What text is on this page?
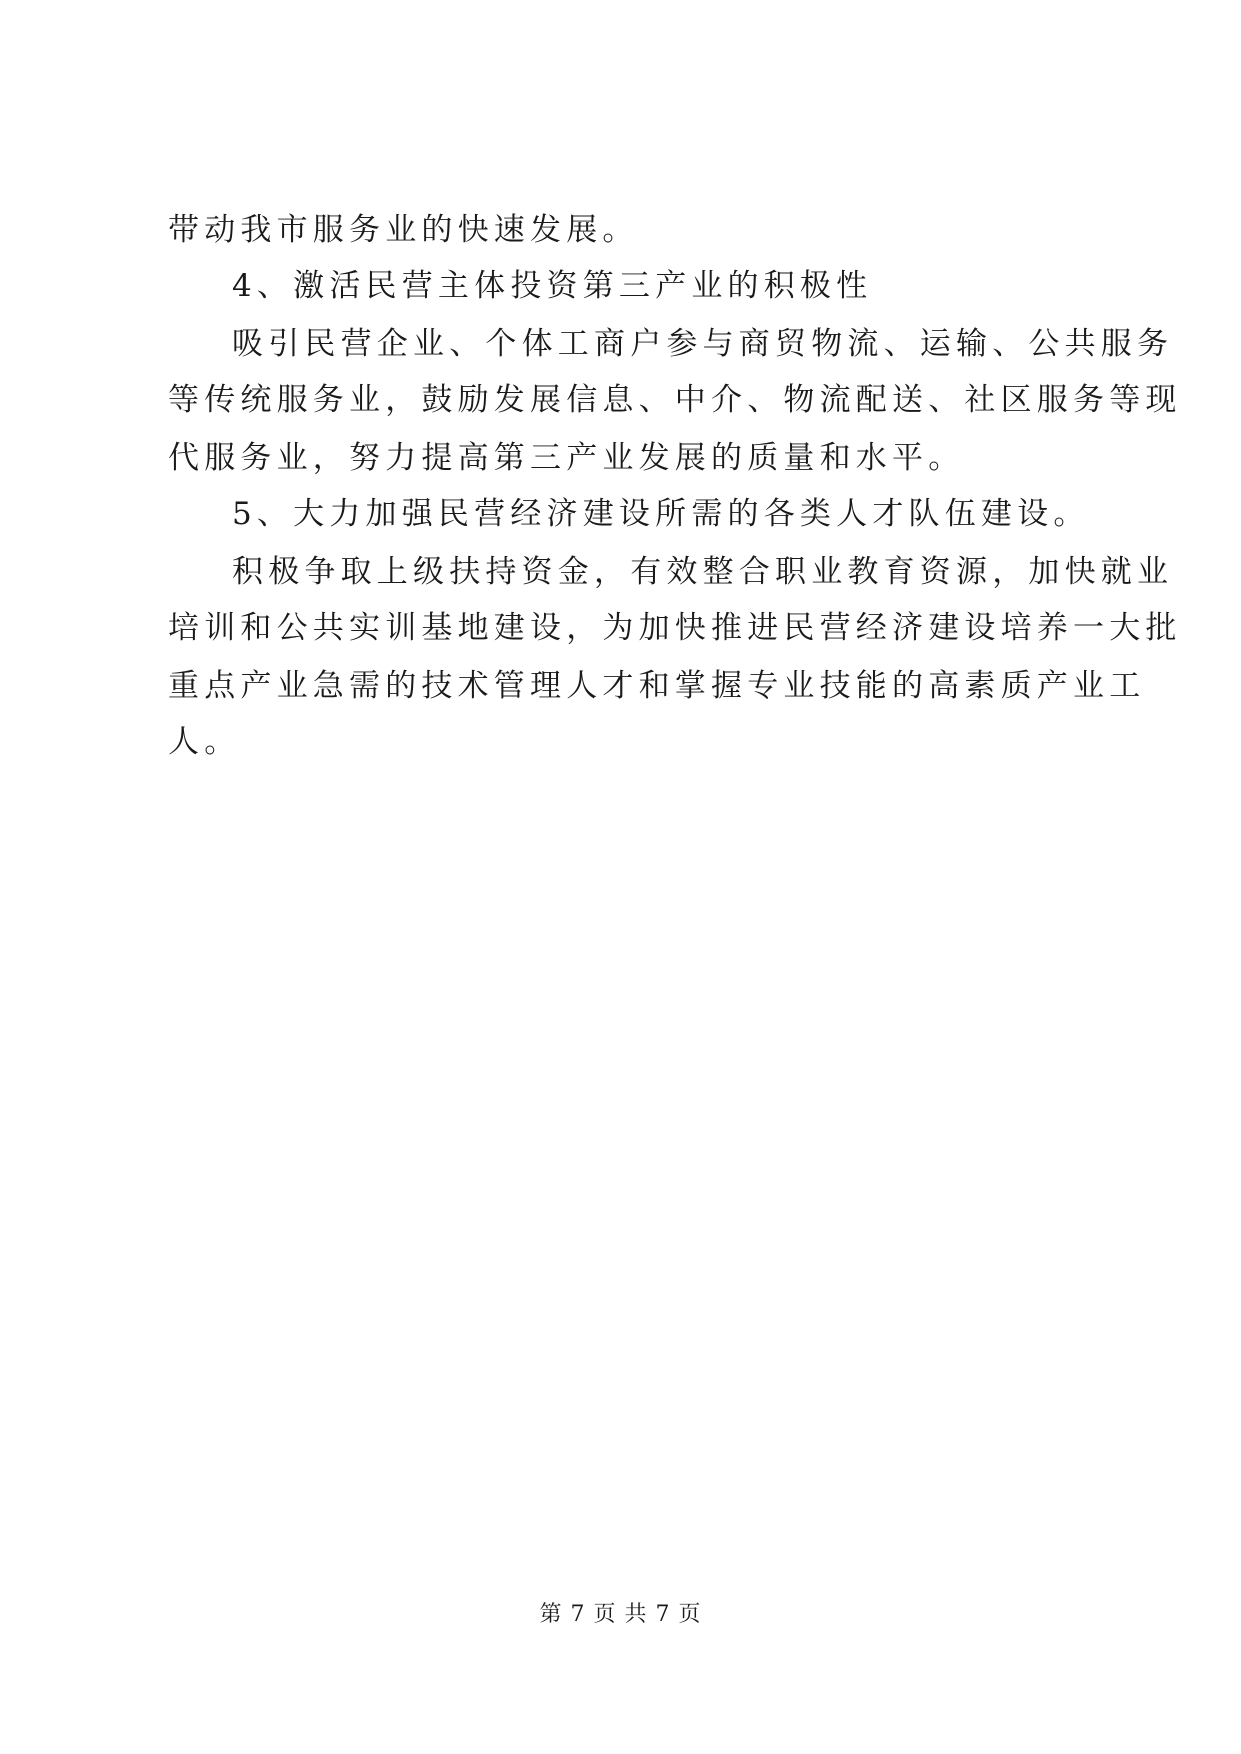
带动我市服务业的快速发展。

4、激活民营主体投资第三产业的积极性

吸引民营企业、个体工商户参与商贸物流、运输、公共服务

等传统服务业，鼓励发展信息、中介、物流配送、社区服务等现

代服务业，努力提高第三产业发展的质量和水平。

5、大力加强民营经济建设所需的各类人才队伍建设。

积极争取上级扶持资金，有效整合职业教育资源，加快就业

培训和公共实训基地建设，为加快推进民营经济建设培养一大批

重点产业急需的技术管理人才和掌握专业技能的高素质产业工

人。

第 7 页 共 7 页
